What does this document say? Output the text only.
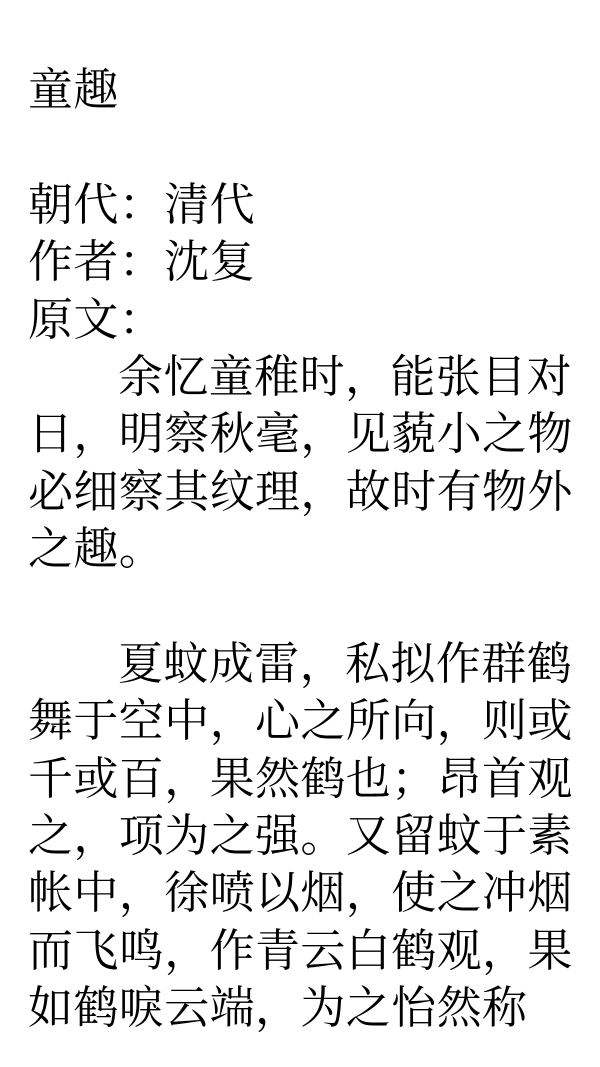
童趣
朝代：清代
作者：沈复
原文：
余忆童稚时，能张目对
日，明察秋毫，见藐小之物
必细察其纹理，故时有物外
之趣。
夏蚊成雷，私拟作群鹤
舞于空中，心之所向，则或
千或百，果然鹤也；昂首观
之，项为之强。又留蚊于素
帐中，徐喷以烟，使之冲烟
而飞鸣，作青云白鹤观，果
如鹤唳云端，为之怡然称
